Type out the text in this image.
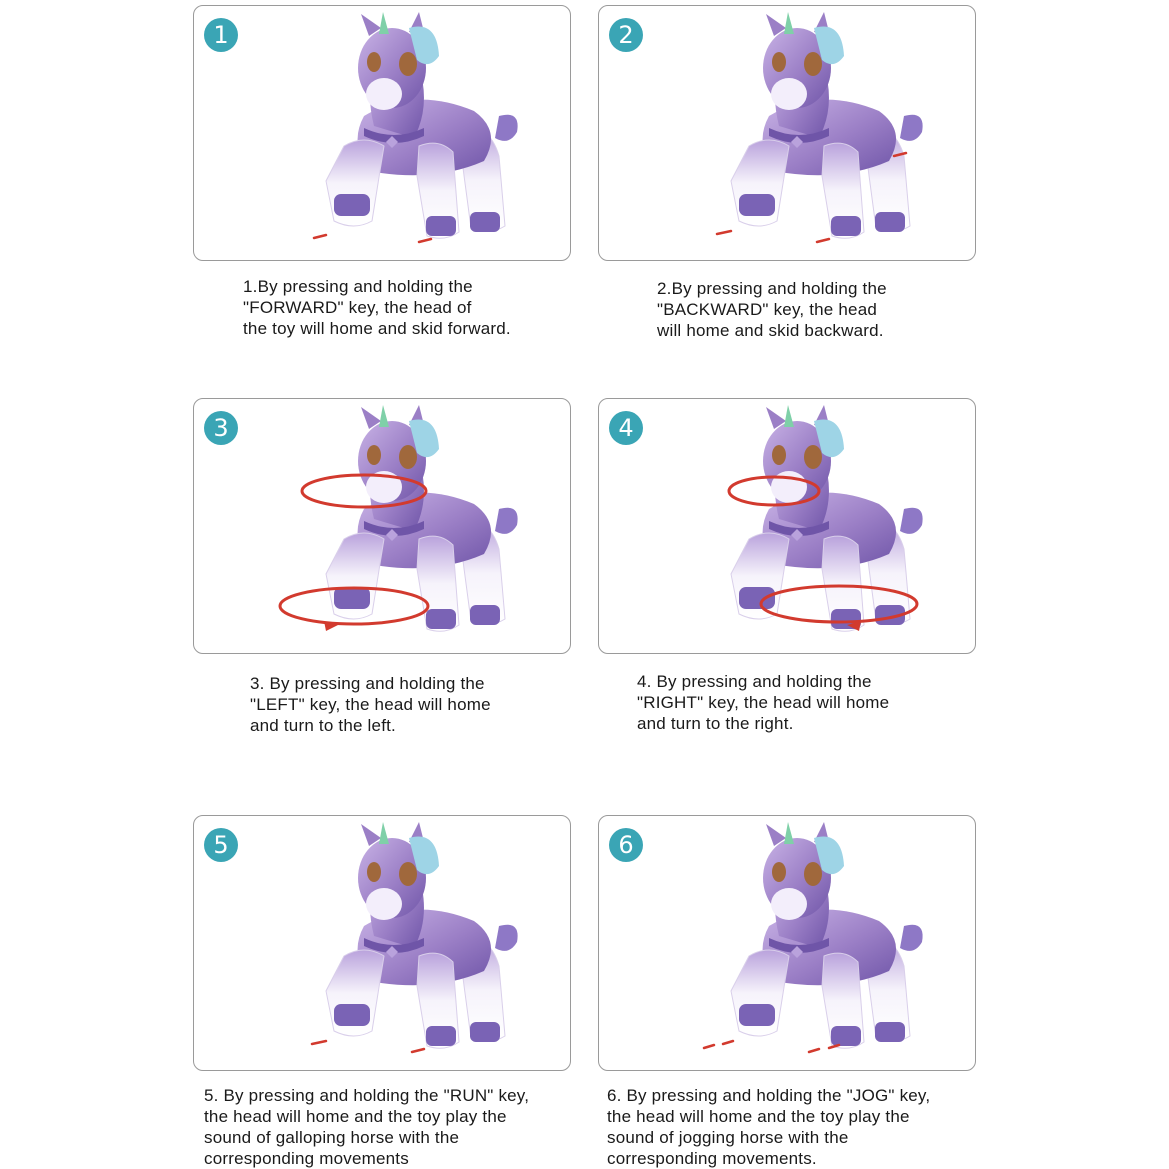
1
1.By pressing and holding the
"FORWARD" key, the head of
the toy will home and skid forward.
2
2.By pressing and holding the
"BACKWARD" key, the head
will home and skid backward.
3
3. By pressing and holding the
"LEFT" key, the head will home
and turn to the left.
4
4. By pressing and holding the
"RIGHT" key, the head will home
and turn to the right.
5
5. By pressing and holding the "RUN" key,
the head will home and the toy play the
sound of galloping horse with the
corresponding movements
6
6. By pressing and holding the "JOG" key,
the head will home and the toy play the
sound of jogging horse with the
corresponding movements.
